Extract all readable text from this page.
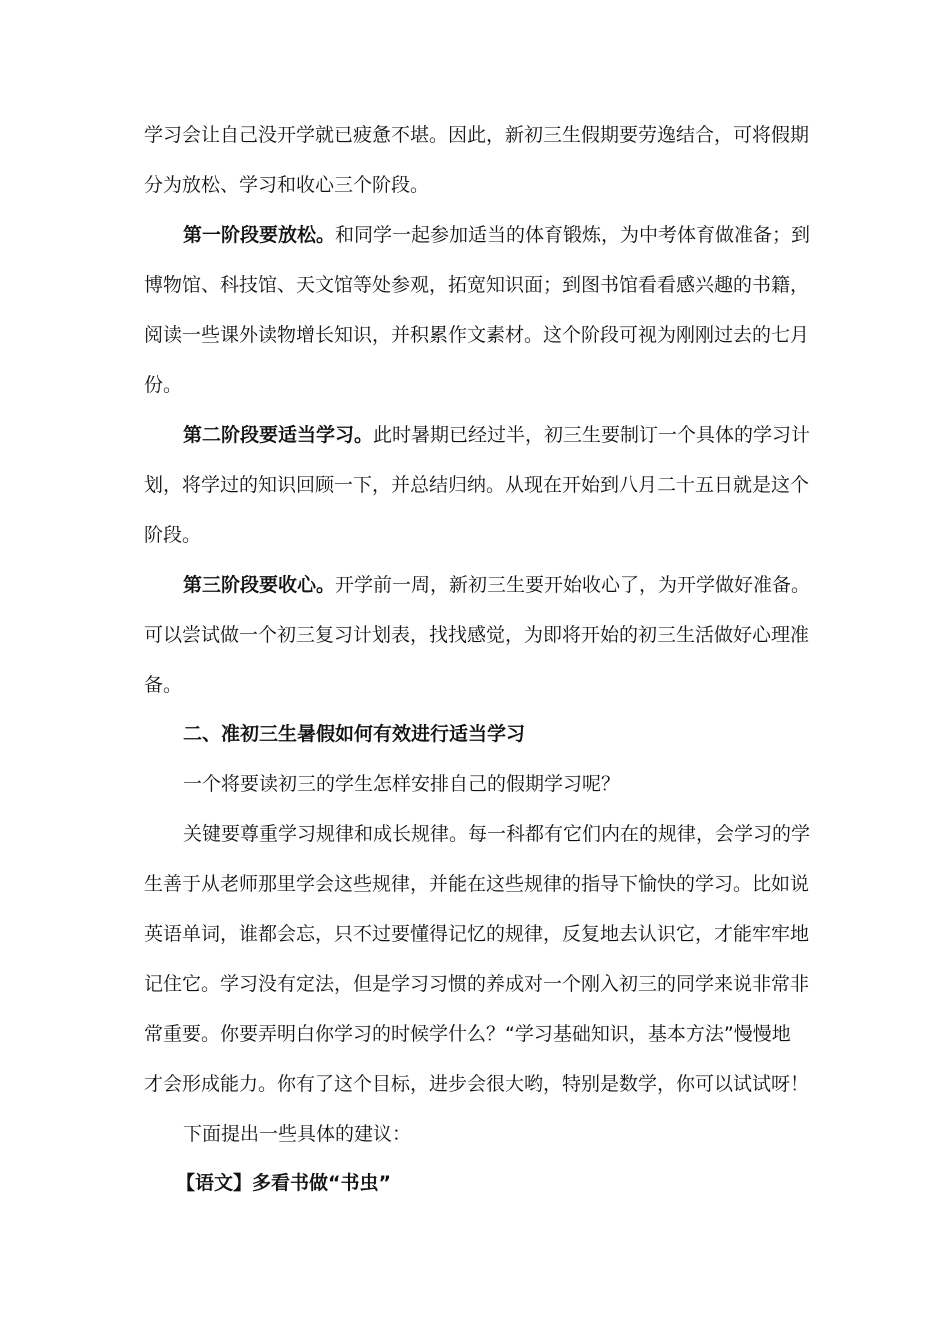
学习会让自己没开学就已疲惫不堪。因此，新初三生假期要劳逸结合，可将假期
分为放松、学习和收心三个阶段。
第一阶段要放松。和同学一起参加适当的体育锻炼，为中考体育做准备；到
博物馆、科技馆、天文馆等处参观，拓宽知识面；到图书馆看看感兴趣的书籍，
阅读一些课外读物增长知识，并积累作文素材。这个阶段可视为刚刚过去的七月
份。
第二阶段要适当学习。此时暑期已经过半，初三生要制订一个具体的学习计
划，将学过的知识回顾一下，并总结归纳。从现在开始到八月二十五日就是这个
阶段。
第三阶段要收心。开学前一周，新初三生要开始收心了，为开学做好准备。
可以尝试做一个初三复习计划表，找找感觉，为即将开始的初三生活做好心理准
备。
二、准初三生暑假如何有效进行适当学习
一个将要读初三的学生怎样安排自己的假期学习呢？
关键要尊重学习规律和成长规律。每一科都有它们内在的规律，会学习的学
生善于从老师那里学会这些规律，并能在这些规律的指导下愉快的学习。比如说
英语单词，谁都会忘，只不过要懂得记忆的规律，反复地去认识它，才能牢牢地
记住它。学习没有定法，但是学习习惯的养成对一个刚入初三的同学来说非常非
常重要。你要弄明白你学习的时候学什么？“学习基础知识，基本方法”慢慢地
才会形成能力。你有了这个目标，进步会很大哟，特别是数学，你可以试试呀！
下面提出一些具体的建议：
【语文】多看书做“书虫”
